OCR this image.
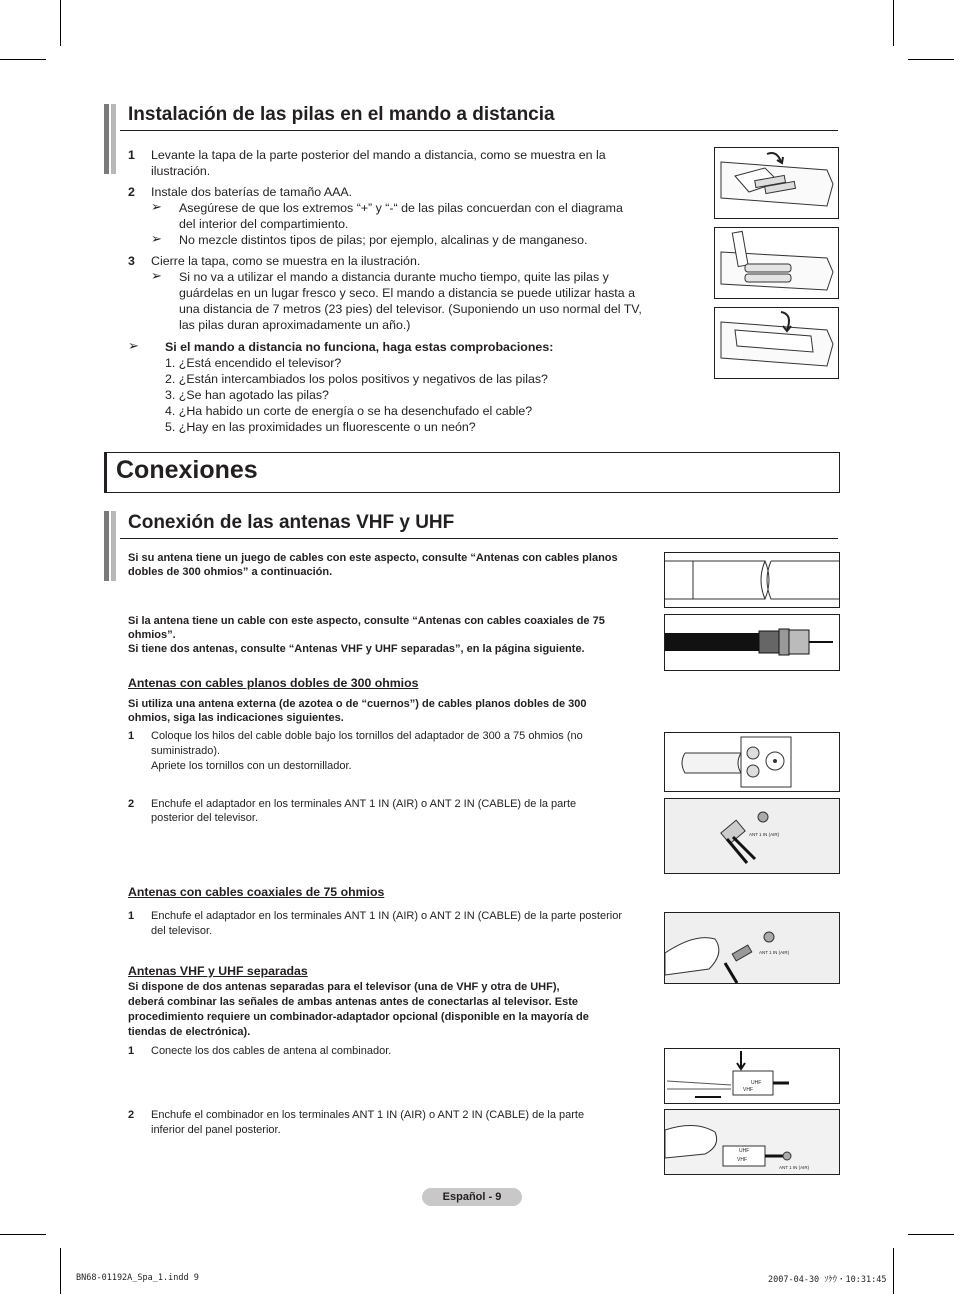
Instalación de las pilas en el mando a distancia
1 Levante la tapa de la parte posterior del mando a distancia, como se muestra en la
ilustración.
2 Instale dos baterías de tamaño AAA.
➢ Asegúrese de que los extremos “+” y “-“ de las pilas concuerdan con el diagrama
del interior del compartimiento.
➢ No mezcle distintos tipos de pilas; por ejemplo, alcalinas y de manganeso.
3 Cierre la tapa, como se muestra en la ilustración.
➢ Si no va a utilizar el mando a distancia durante mucho tiempo, quite las pilas y
guárdelas en un lugar fresco y seco. El mando a distancia se puede utilizar hasta a
una distancia de 7 metros (23 pies) del televisor. (Suponiendo un uso normal del TV,
las pilas duran aproximadamente un año.)
➢ Si el mando a distancia no funciona, haga estas comprobaciones:
1. ¿Está encendido el televisor?
2. ¿Están intercambiados los polos positivos y negativos de las pilas?
3. ¿Se han agotado las pilas?
4. ¿Ha habido un corte de energía o se ha desenchufado el cable?
5. ¿Hay en las proximidades un fluorescente o un neón?
Conexiones
Conexión de las antenas VHF y UHF
Si su antena tiene un juego de cables con este aspecto, consulte “Antenas con cables planos
dobles de 300 ohmios” a continuación.
Si la antena tiene un cable con este aspecto, consulte “Antenas con cables coaxiales de 75
ohmios”.
Si tiene dos antenas, consulte “Antenas VHF y UHF separadas”, en la página siguiente.
Antenas con cables planos dobles de 300 ohmios
Si utiliza una antena externa (de azotea o de “cuernos”) de cables planos dobles de 300
ohmios, siga las indicaciones siguientes.
1 Coloque los hilos del cable doble bajo los tornillos del adaptador de 300 a 75 ohmios (no
suministrado).
Apriete los tornillos con un destornillador.
2 Enchufe el adaptador en los terminales ANT 1 IN (AIR) o ANT 2 IN (CABLE) de la parte
posterior del televisor.
Antenas con cables coaxiales de 75 ohmios
1 Enchufe el adaptador en los terminales ANT 1 IN (AIR) o ANT 2 IN (CABLE) de la parte posterior
del televisor.
Antenas VHF y UHF separadas
Si dispone de dos antenas separadas para el televisor (una de VHF y otra de UHF),
deberá combinar las señales de ambas antenas antes de conectarlas al televisor. Este
procedimiento requiere un combinador-adaptador opcional (disponible en la mayoría de
tiendas de electrónica).
1 Conecte los dos cables de antena al combinador.
2 Enchufe el combinador en los terminales ANT 1 IN (AIR) o ANT 2 IN (CABLE) de la parte
inferior del panel posterior.
ANT 1 IN (AIR)
ANT 1 IN (AIR)
UHF
VHF
UHF
VHF
ANT 1 IN (AIR)
Español - 9
BN68-01192A_Spa_1.indd 9	2007-04-30 ｿｹｳ・10:31:45
